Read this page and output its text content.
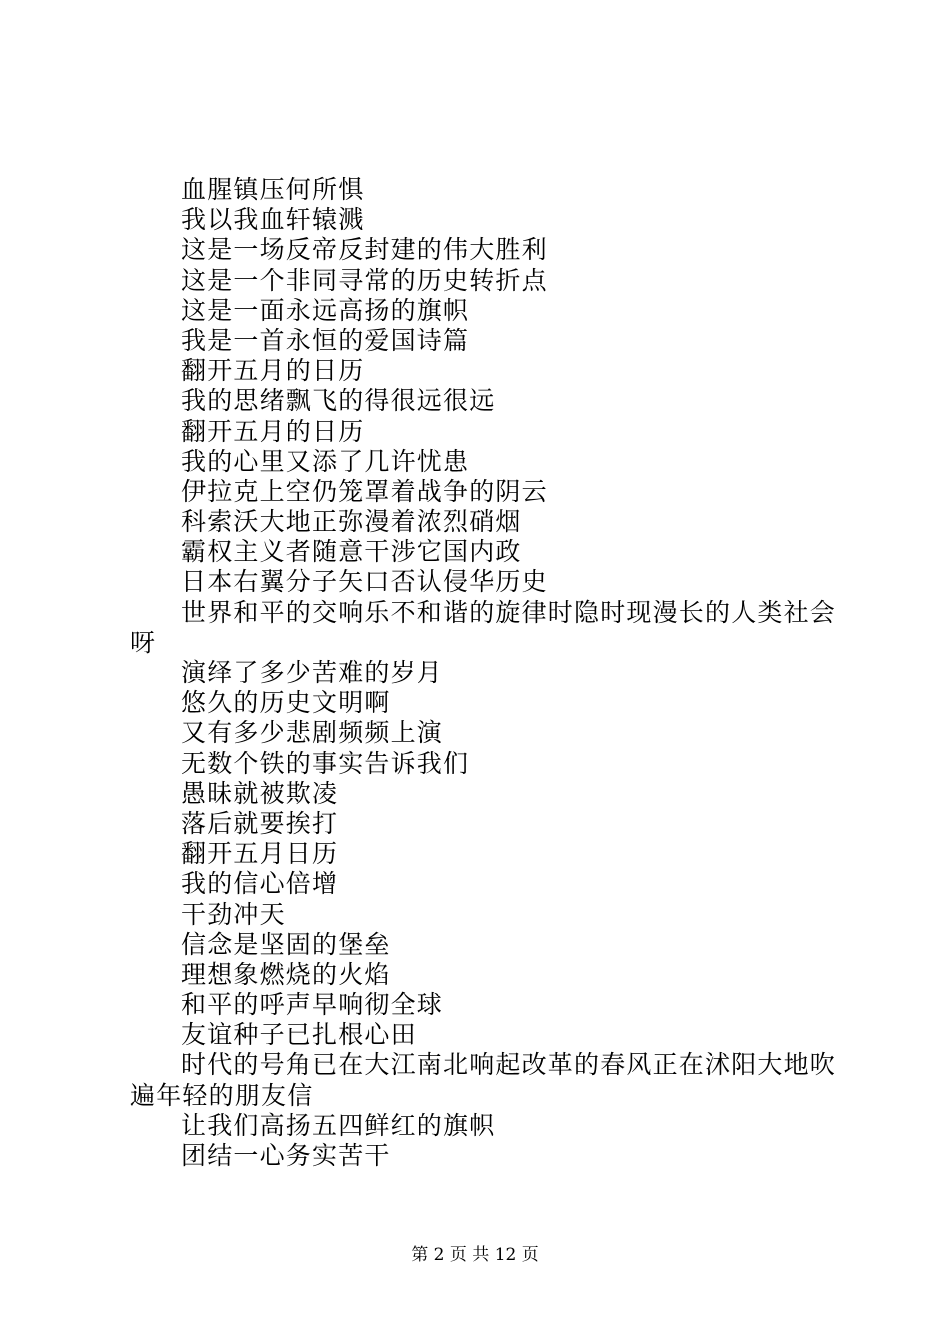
血腥镇压何所惧
我以我血轩辕溅
这是一场反帝反封建的伟大胜利
这是一个非同寻常的历史转折点
这是一面永远高扬的旗帜
我是一首永恒的爱国诗篇
翻开五月的日历
我的思绪飘飞的得很远很远
翻开五月的日历
我的心里又添了几许忧患
伊拉克上空仍笼罩着战争的阴云
科索沃大地正弥漫着浓烈硝烟
霸权主义者随意干涉它国内政
日本右翼分子矢口否认侵华历史
世界和平的交响乐不和谐的旋律时隐时现漫长的人类社会
呀
演绎了多少苦难的岁月
悠久的历史文明啊
又有多少悲剧频频上演
无数个铁的事实告诉我们
愚昧就被欺凌
落后就要挨打
翻开五月日历
我的信心倍增
干劲冲天
信念是坚固的堡垒
理想象燃烧的火焰
和平的呼声早响彻全球
友谊种子已扎根心田
时代的号角已在大江南北响起改革的春风正在沭阳大地吹
遍年轻的朋友信
让我们高扬五四鲜红的旗帜
团结一心务实苦干
第 2 页 共 12 页
